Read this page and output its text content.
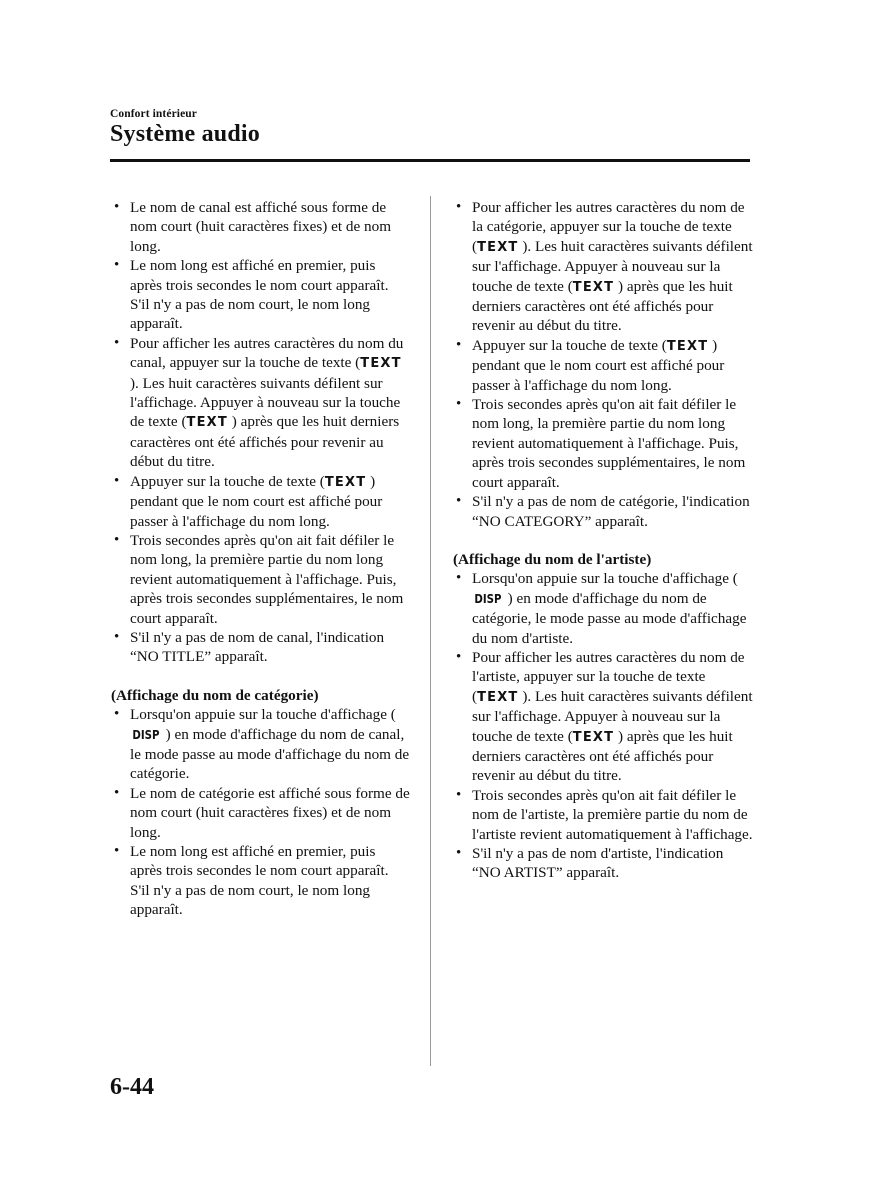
Confort intérieur
Système audio
• Le nom de canal est affiché sous forme de nom court (huit caractères fixes) et de nom long.
• Le nom long est affiché en premier, puis après trois secondes le nom court apparaît. S'il n'y a pas de nom court, le nom long apparaît.
• Pour afficher les autres caractères du nom du canal, appuyer sur la touche de texte (TEXT ). Les huit caractères suivants défilent sur l'affichage. Appuyer à nouveau sur la touche de texte (TEXT ) après que les huit derniers caractères ont été affichés pour revenir au début du titre.
• Appuyer sur la touche de texte (TEXT ) pendant que le nom court est affiché pour passer à l'affichage du nom long.
• Trois secondes après qu'on ait fait défiler le nom long, la première partie du nom long revient automatiquement à l'affichage. Puis, après trois secondes supplémentaires, le nom court apparaît.
• S'il n'y a pas de nom de canal, l'indication “NO TITLE” apparaît.
(Affichage du nom de catégorie)
• Lorsqu'on appuie sur la touche d'affichage (DISP ) en mode d'affichage du nom de canal, le mode passe au mode d'affichage du nom de catégorie.
• Le nom de catégorie est affiché sous forme de nom court (huit caractères fixes) et de nom long.
• Le nom long est affiché en premier, puis après trois secondes le nom court apparaît. S'il n'y a pas de nom court, le nom long apparaît.
• Pour afficher les autres caractères du nom de la catégorie, appuyer sur la touche de texte (TEXT ). Les huit caractères suivants défilent sur l'affichage. Appuyer à nouveau sur la touche de texte (TEXT ) après que les huit derniers caractères ont été affichés pour revenir au début du titre.
• Appuyer sur la touche de texte (TEXT ) pendant que le nom court est affiché pour passer à l'affichage du nom long.
• Trois secondes après qu'on ait fait défiler le nom long, la première partie du nom long revient automatiquement à l'affichage. Puis, après trois secondes supplémentaires, le nom court apparaît.
• S'il n'y a pas de nom de catégorie, l'indication “NO CATEGORY” apparaît.
(Affichage du nom de l'artiste)
• Lorsqu'on appuie sur la touche d'affichage (DISP ) en mode d'affichage du nom de catégorie, le mode passe au mode d'affichage du nom d'artiste.
• Pour afficher les autres caractères du nom de l'artiste, appuyer sur la touche de texte (TEXT ). Les huit caractères suivants défilent sur l'affichage. Appuyer à nouveau sur la touche de texte (TEXT ) après que les huit derniers caractères ont été affichés pour revenir au début du titre.
• Trois secondes après qu'on ait fait défiler le nom de l'artiste, la première partie du nom de l'artiste revient automatiquement à l'affichage.
• S'il n'y a pas de nom d'artiste, l'indication “NO ARTIST” apparaît.
6-44
